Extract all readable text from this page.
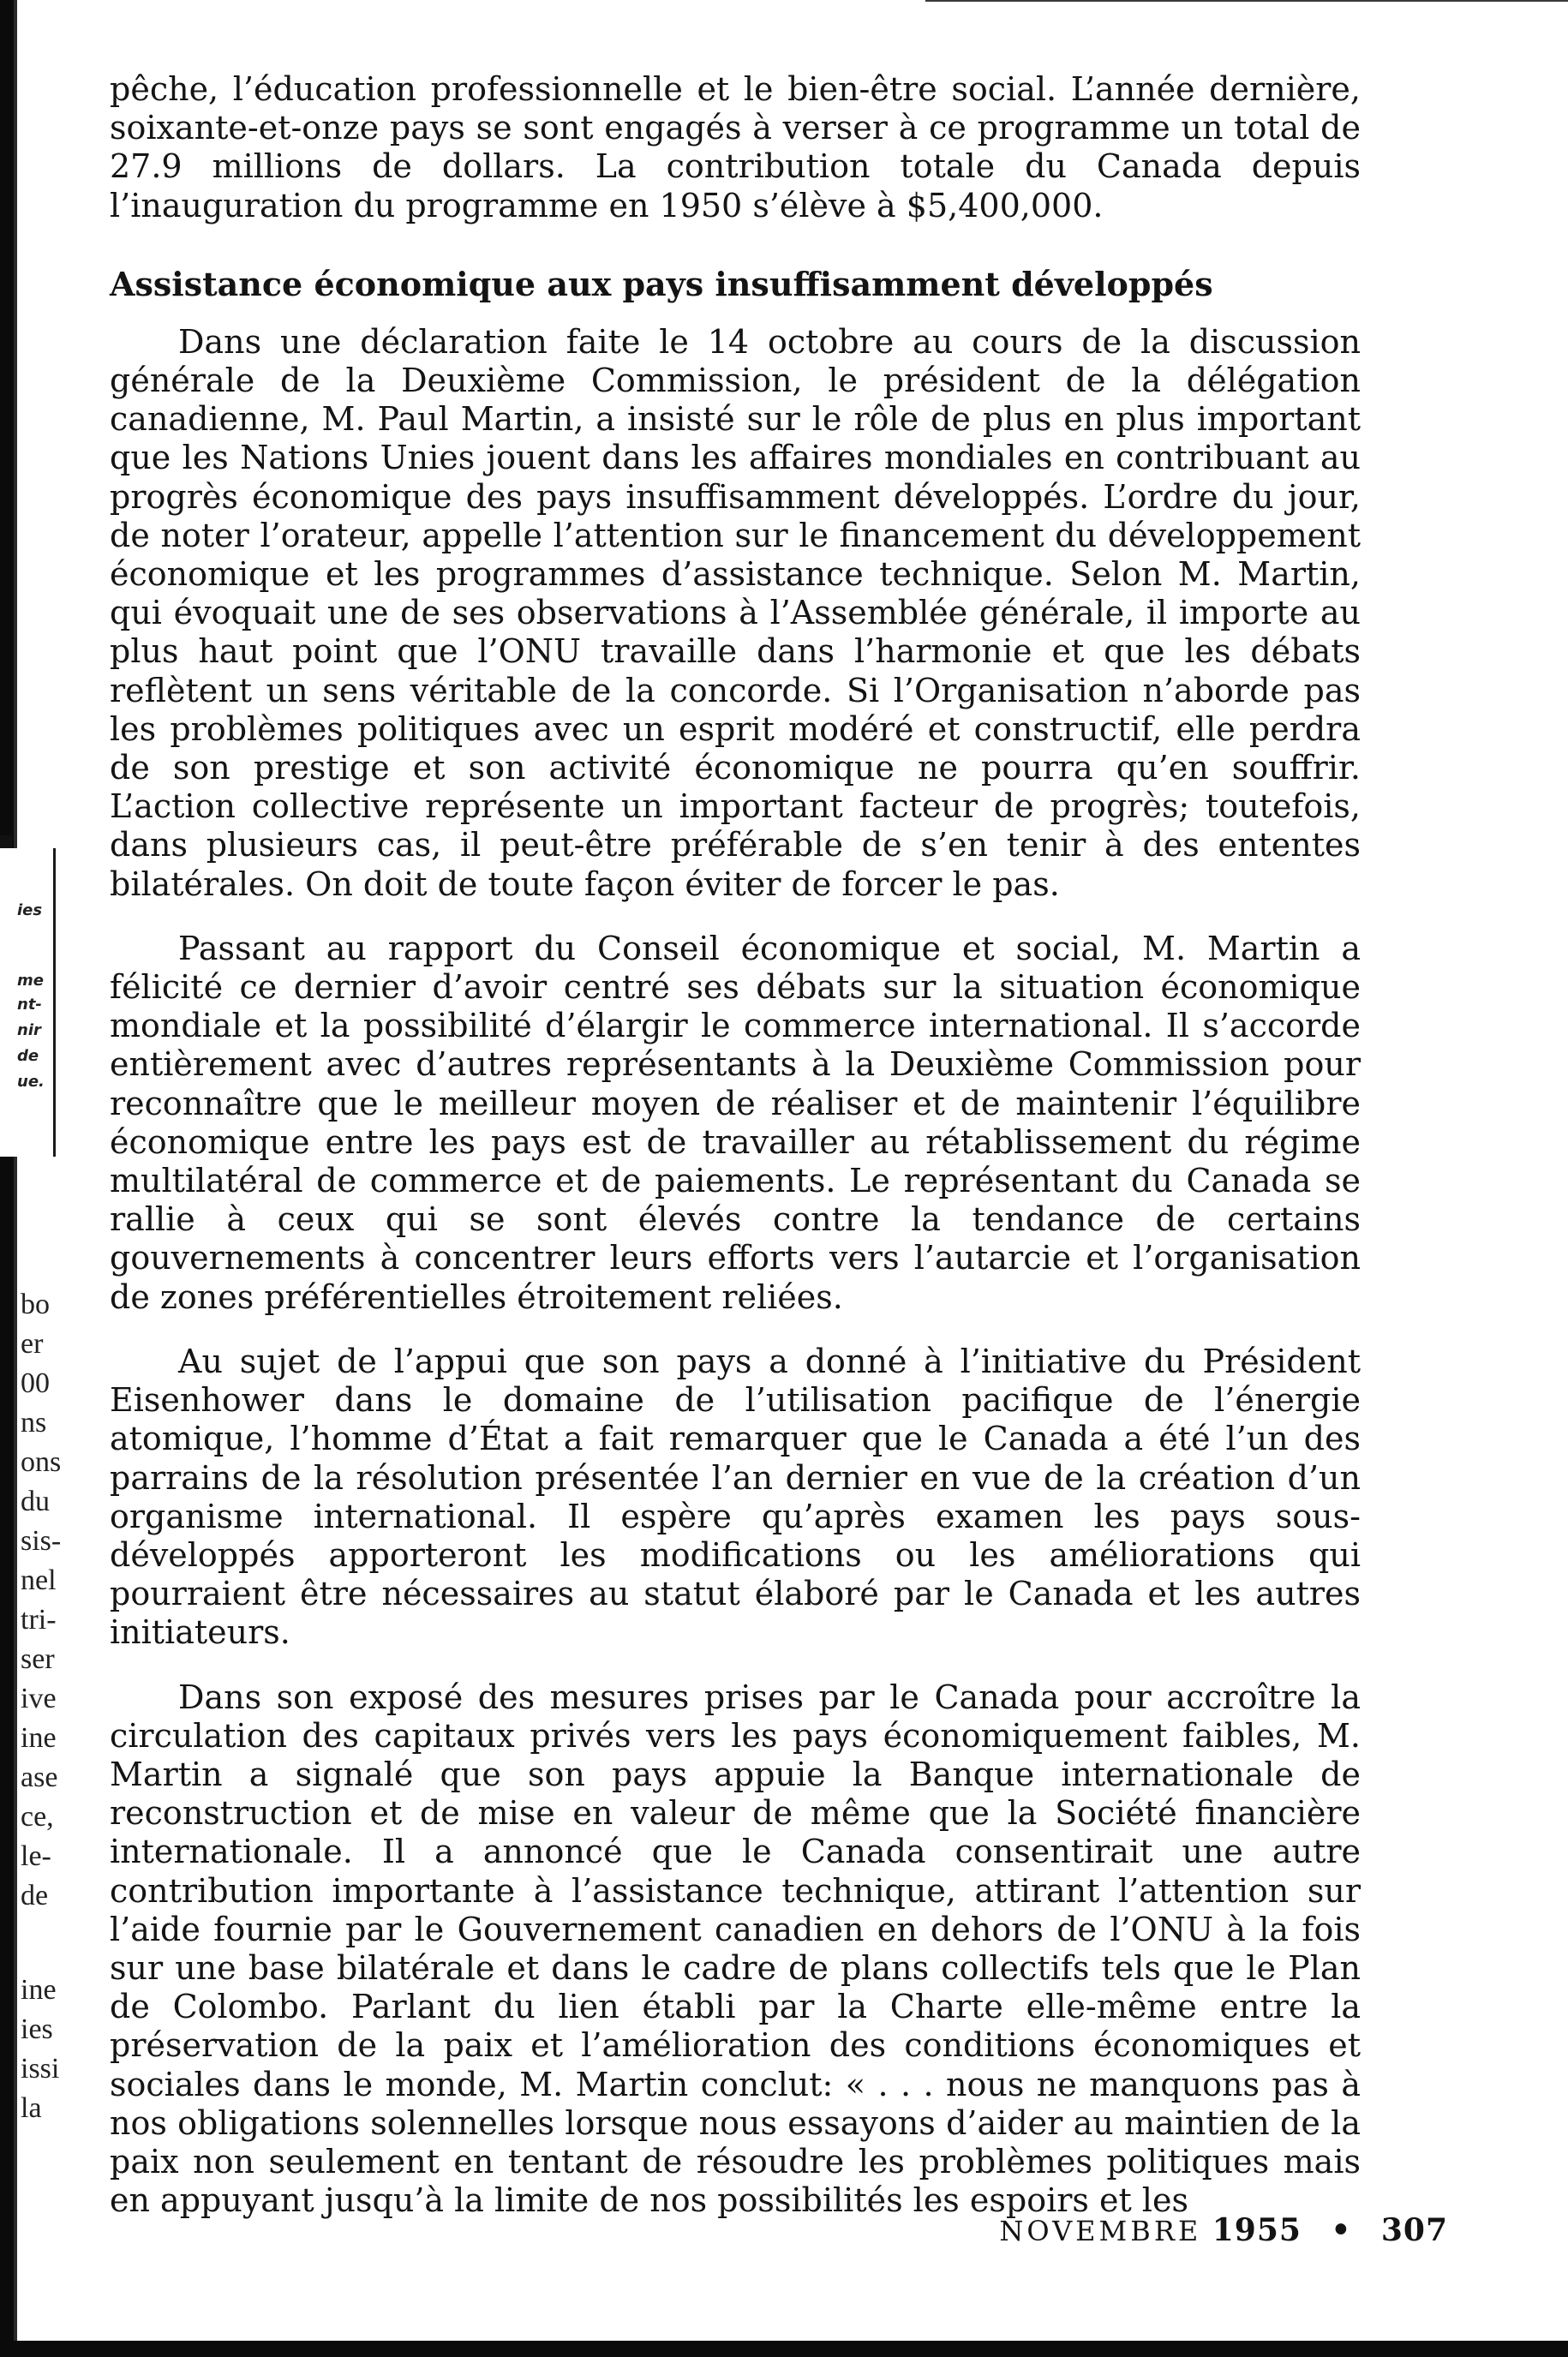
ies
me
nt-
nir
de
ue.
bo
er
00
ns
ons
du
sis-
nel
tri-
ser
ive
ine
ase
ce,
le-
de
ine
ies
issi
la

pêche, l’éducation professionnelle et le bien-être social. L’année dernière, soixante-et-onze pays se sont engagés à verser à ce programme un total de 27.9 millions de dollars. La contribution totale du Canada depuis l’inauguration du programme en 1950 s’élève à $5,400,000.

Assistance économique aux pays insuffisamment développés

Dans une déclaration faite le 14 octobre au cours de la discussion générale de la Deuxième Commission, le président de la délégation canadienne, M. Paul Martin, a insisté sur le rôle de plus en plus important que les Nations Unies jouent dans les affaires mondiales en contribuant au progrès économique des pays insuffisamment développés. L’ordre du jour, de noter l’orateur, appelle l’attention sur le financement du développement économique et les programmes d’assistance technique. Selon M. Martin, qui évoquait une de ses observations à l’Assemblée générale, il importe au plus haut point que l’ONU travaille dans l’harmonie et que les débats reflètent un sens véritable de la concorde. Si l’Organisation n’aborde pas les problèmes politiques avec un esprit modéré et constructif, elle perdra de son prestige et son activité économique ne pourra qu’en souffrir. L’action collective représente un important facteur de progrès; toutefois, dans plusieurs cas, il peut-être préférable de s’en tenir à des ententes bilatérales. On doit de toute façon éviter de forcer le pas.

Passant au rapport du Conseil économique et social, M. Martin a félicité ce dernier d’avoir centré ses débats sur la situation économique mondiale et la possibilité d’élargir le commerce international. Il s’accorde entièrement avec d’autres représentants à la Deuxième Commission pour reconnaître que le meilleur moyen de réaliser et de maintenir l’équilibre économique entre les pays est de travailler au rétablissement du régime multilatéral de commerce et de paiements. Le représentant du Canada se rallie à ceux qui se sont élevés contre la tendance de certains gouvernements à concentrer leurs efforts vers l’autarcie et l’organisation de zones préférentielles étroitement reliées.

Au sujet de l’appui que son pays a donné à l’initiative du Président Eisenhower dans le domaine de l’utilisation pacifique de l’énergie atomique, l’homme d’État a fait remarquer que le Canada a été l’un des parrains de la résolution présentée l’an dernier en vue de la création d’un organisme international. Il espère qu’après examen les pays sous-développés apporteront les modifications ou les améliorations qui pourraient être nécessaires au statut élaboré par le Canada et les autres initiateurs.

Dans son exposé des mesures prises par le Canada pour accroître la circulation des capitaux privés vers les pays économiquement faibles, M. Martin a signalé que son pays appuie la Banque internationale de reconstruction et de mise en valeur de même que la Société financière internationale. Il a annoncé que le Canada consentirait une autre contribution importante à l’assistance technique, attirant l’attention sur l’aide fournie par le Gouvernement canadien en dehors de l’ONU à la fois sur une base bilatérale et dans le cadre de plans collectifs tels que le Plan de Colombo. Parlant du lien établi par la Charte elle-même entre la préservation de la paix et l’amélioration des conditions économiques et sociales dans le monde, M. Martin conclut: « . . . nous ne manquons pas à nos obligations solennelles lorsque nous essayons d’aider au maintien de la paix non seulement en tentant de résoudre les problèmes politiques mais en appuyant jusqu’à la limite de nos possibilités les espoirs et les

NOVEMBRE 1955 • 307
